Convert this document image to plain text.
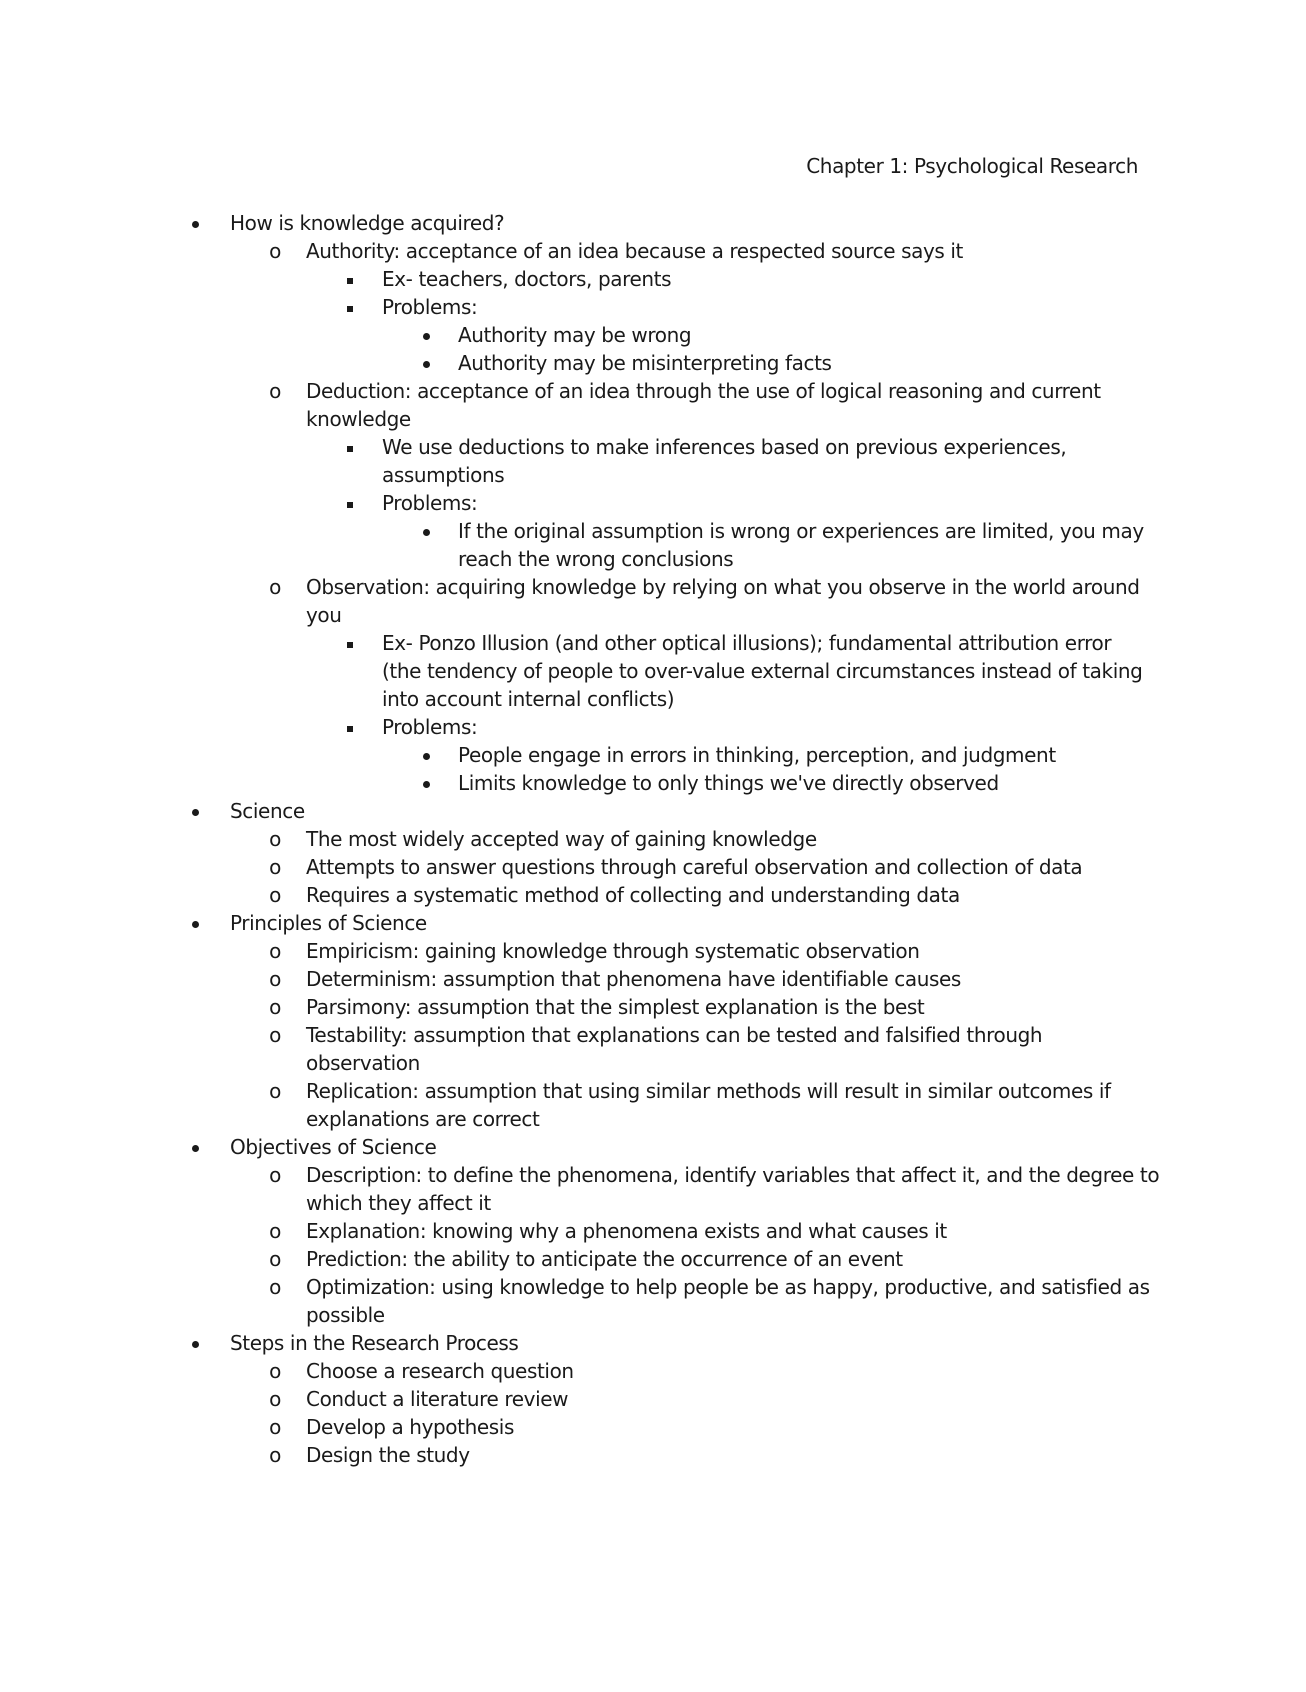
Chapter 1: Psychological Research
How is knowledge acquired?
o Authority: acceptance of an idea because a respected source says it
Ex- teachers, doctors, parents
Problems:
Authority may be wrong
Authority may be misinterpreting facts
o Deduction: acceptance of an idea through the use of logical reasoning and current
knowledge
We use deductions to make inferences based on previous experiences,
assumptions
Problems:
If the original assumption is wrong or experiences are limited, you may
reach the wrong conclusions
o Observation: acquiring knowledge by relying on what you observe in the world around
you
Ex- Ponzo Illusion (and other optical illusions); fundamental attribution error
(the tendency of people to over-value external circumstances instead of taking
into account internal conflicts)
Problems:
People engage in errors in thinking, perception, and judgment
Limits knowledge to only things we've directly observed
Science
o The most widely accepted way of gaining knowledge
o Attempts to answer questions through careful observation and collection of data
o Requires a systematic method of collecting and understanding data
Principles of Science
o Empiricism: gaining knowledge through systematic observation
o Determinism: assumption that phenomena have identifiable causes
o Parsimony: assumption that the simplest explanation is the best
o Testability: assumption that explanations can be tested and falsified through
observation
o Replication: assumption that using similar methods will result in similar outcomes if
explanations are correct
Objectives of Science
o Description: to define the phenomena, identify variables that affect it, and the degree to
which they affect it
o Explanation: knowing why a phenomena exists and what causes it
o Prediction: the ability to anticipate the occurrence of an event
o Optimization: using knowledge to help people be as happy, productive, and satisfied as
possible
Steps in the Research Process
o Choose a research question
o Conduct a literature review
o Develop a hypothesis
o Design the study
